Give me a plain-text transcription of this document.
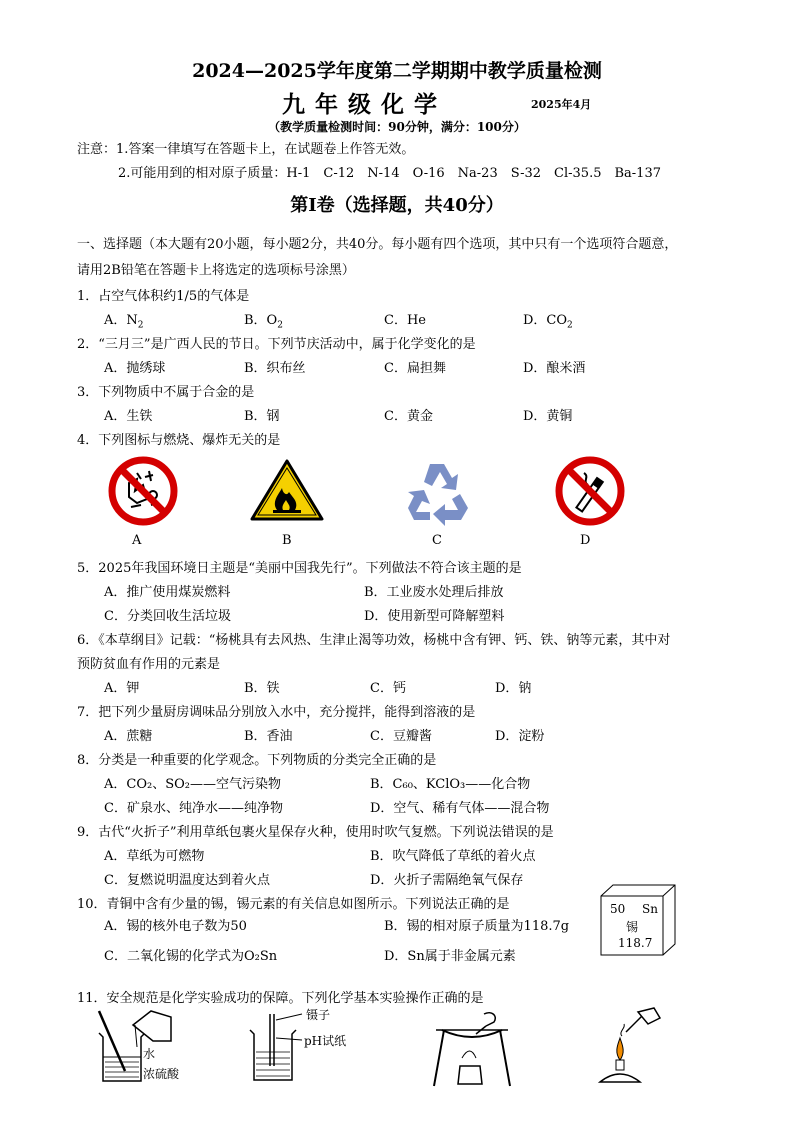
2024—2025学年度第二学期期中教学质量检测
九年级化学	2025年4月
（教学质量检测时间：90分钟，满分：100分）
注意：1.答案一律填写在答题卡上，在试题卷上作答无效。
2.可能用到的相对原子质量：H-1　C-12　N-14　O-16　Na-23　S-32　Cl-35.5　Ba-137
第Ⅰ卷（选择题，共40分）
一、选择题（本大题有20小题，每小题2分，共40分。每小题有四个选项，其中只有一个选项符合题意，
请用2B铅笔在答题卡上将选定的选项标号涂黑）
1．占空气体积约1/5的气体是
A．$N_2$	B．$O_2$	C．He	D．$CO_2$
2．“三月三”是广西人民的节日。下列节庆活动中，属于化学变化的是
A．抛绣球	B．织布丝	C．扁担舞	D．酿米酒
3．下列物质中不属于合金的是
A．生铁	B．钢	C．黄金	D．黄铜
4．下列图标与燃烧、爆炸无关的是
A	B	C	D
5．2025年我国环境日主题是“美丽中国我先行”。下列做法不符合该主题的是
A．推广使用煤炭燃料	B．工业废水处理后排放
C．分类回收生活垃圾	D．使用新型可降解塑料
6．《本草纲目》记载：“杨桃具有去风热、生津止渴等功效，杨桃中含有钾、钙、铁、钠等元素，其中对
预防贫血有作用的元素是
A．钾	B．铁	C．钙	D．钠
7．把下列少量厨房调味品分别放入水中，充分搅拌，能得到溶液的是
A．蔗糖	B．香油	C．豆瓣酱	D．淀粉
8．分类是一种重要的化学观念。下列物质的分类完全正确的是
A．CO₂、SO₂——空气污染物	B．C₆₀、KClO₃——化合物
C．矿泉水、纯净水——纯净物	D．空气、稀有气体——混合物
9．古代“火折子”利用草纸包裹火星保存火种，使用时吹气复燃。下列说法错误的是
A．草纸为可燃物	B．吹气降低了草纸的着火点
C．复燃说明温度达到着火点	D．火折子需隔绝氧气保存
10．青铜中含有少量的锡，锡元素的有关信息如图所示。下列说法正确的是
A．锡的核外电子数为50	B．锡的相对原子质量为118.7g
C．二氧化锡的化学式为O₂Sn	D．Sn属于非金属元素
50 Sn
锡
118.7
11．安全规范是化学实验成功的保障。下列化学基本实验操作正确的是
水
浓硫酸
镊子
pH试纸
